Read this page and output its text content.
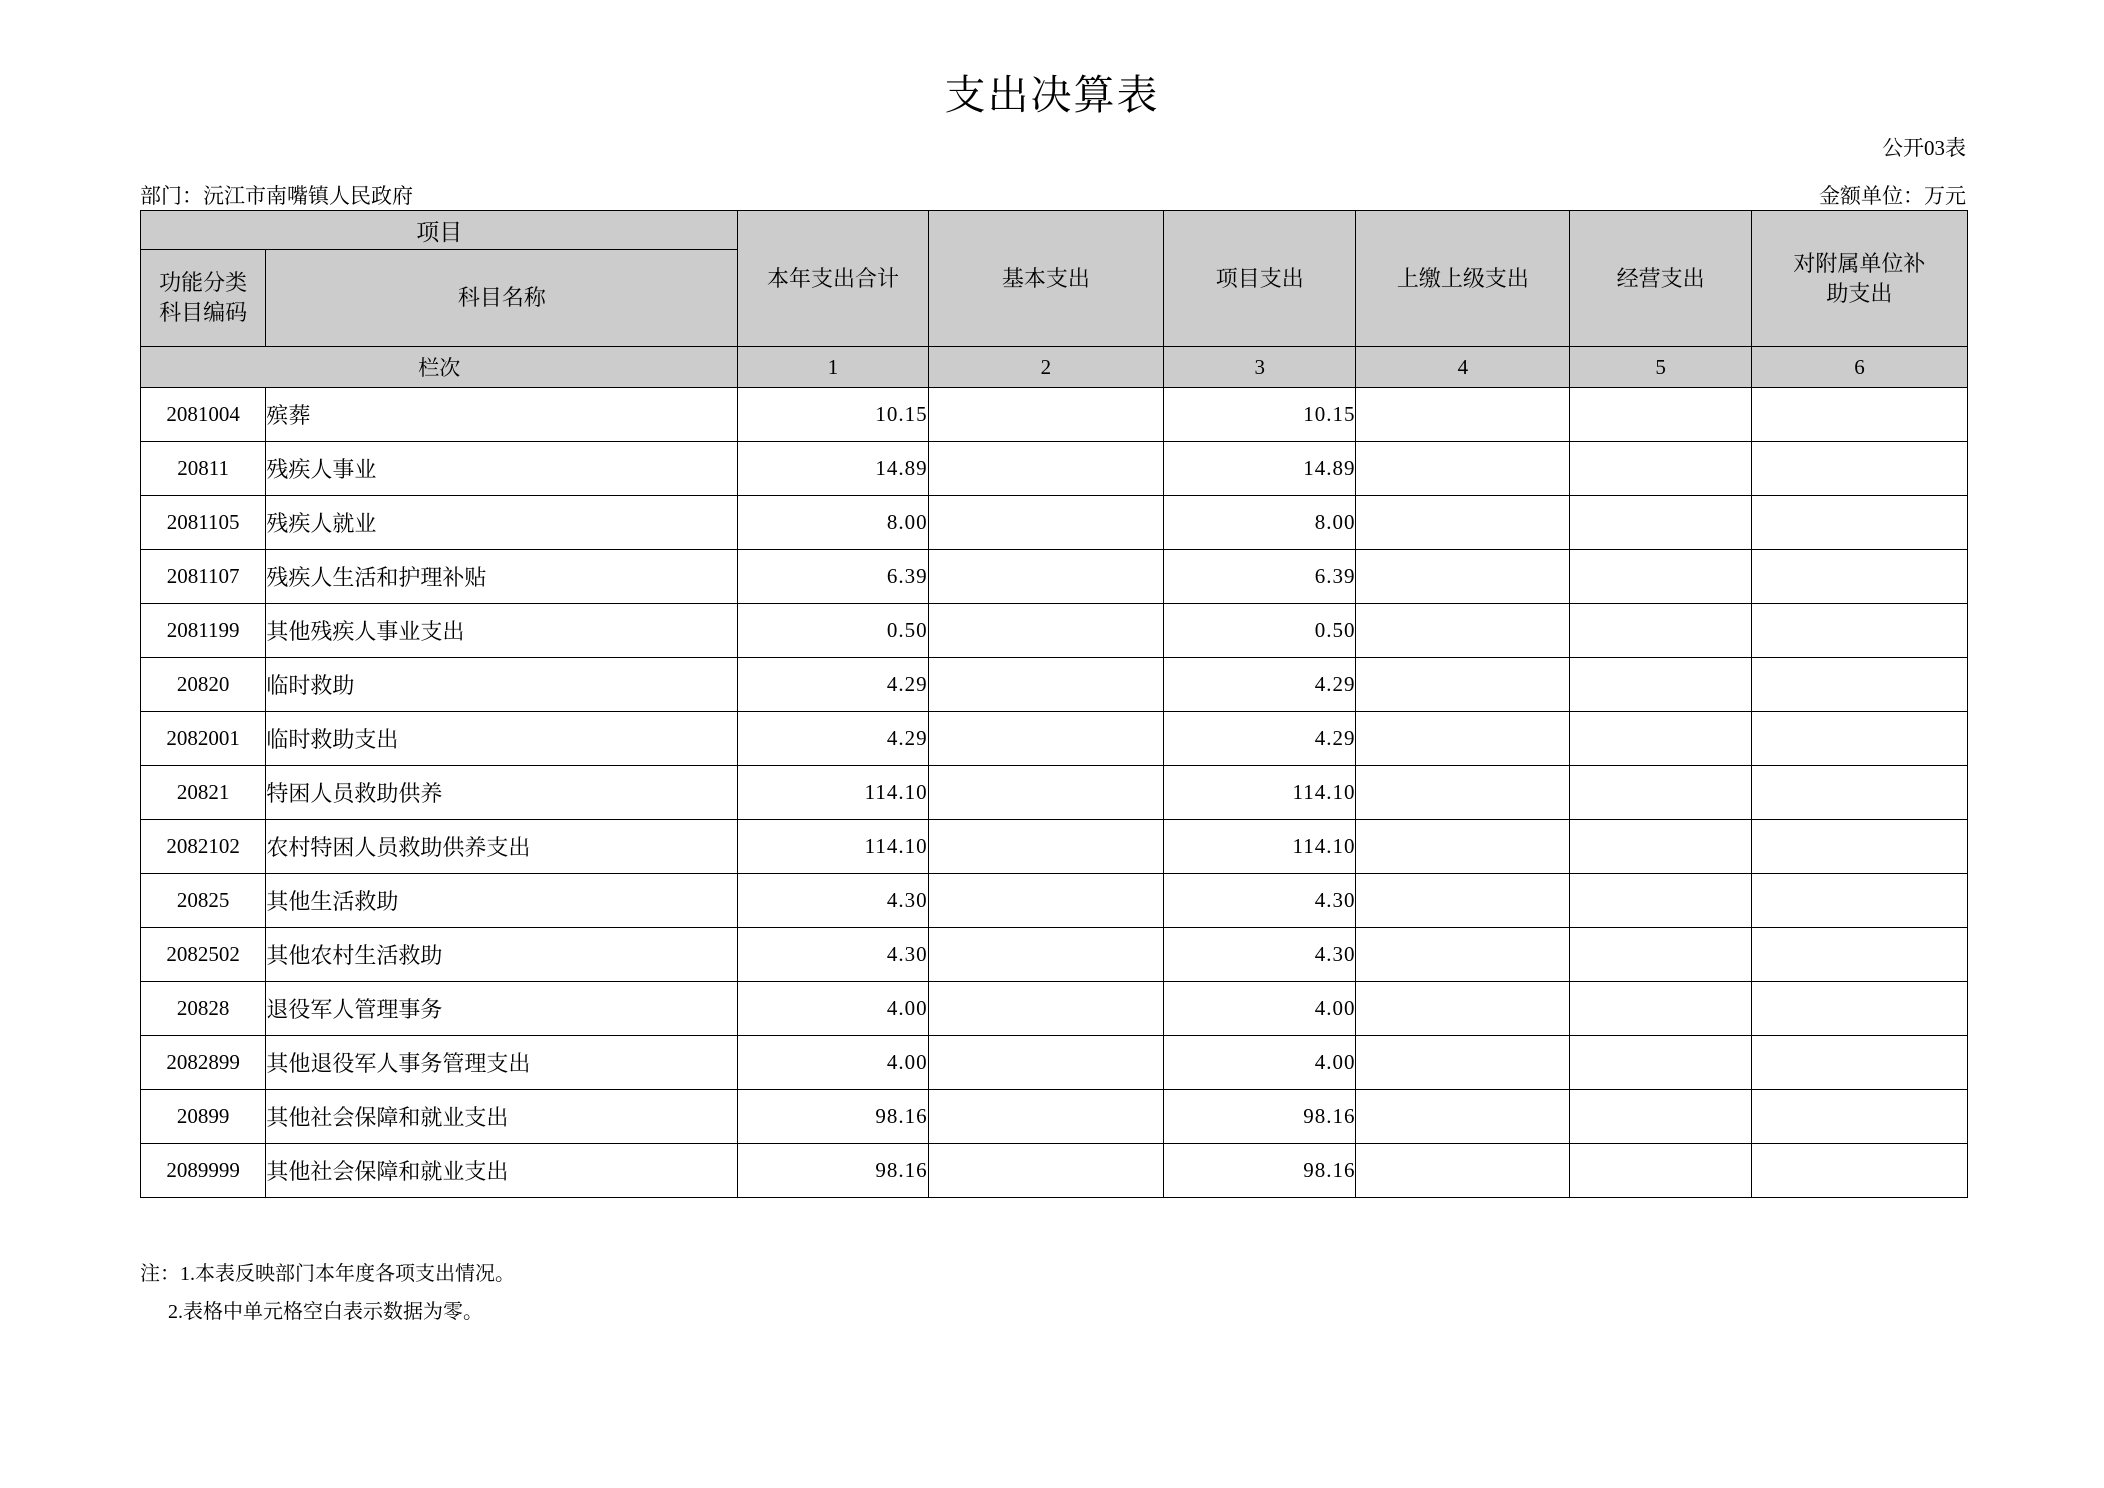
支出决算表
公开03表
部门：沅江市南嘴镇人民政府	金额单位：万元
项目		本年支出合计	基本支出	项目支出	上缴上级支出	经营支出	对附属单位补
助支出

功能分类
科目编码	科目名称						
栏次		1	2	3	4	5	6
2081004	殡葬	10.15		10.15			
20811	残疾人事业	14.89		14.89			
2081105	残疾人就业	8.00		8.00			
2081107	残疾人生活和护理补贴	6.39		6.39			
2081199	其他残疾人事业支出	0.50		0.50			
20820	临时救助	4.29		4.29			
2082001	临时救助支出	4.29		4.29			
20821	特困人员救助供养	114.10		114.10			
2082102	农村特困人员救助供养支出	114.10		114.10			
20825	其他生活救助	4.30		4.30			
2082502	其他农村生活救助	4.30		4.30			
20828	退役军人管理事务	4.00		4.00			
2082899	其他退役军人事务管理支出	4.00		4.00			
20899	其他社会保障和就业支出	98.16		98.16			
2089999	其他社会保障和就业支出	98.16		98.16			
注：1.本表反映部门本年度各项支出情况。
2.表格中单元格空白表示数据为零。
